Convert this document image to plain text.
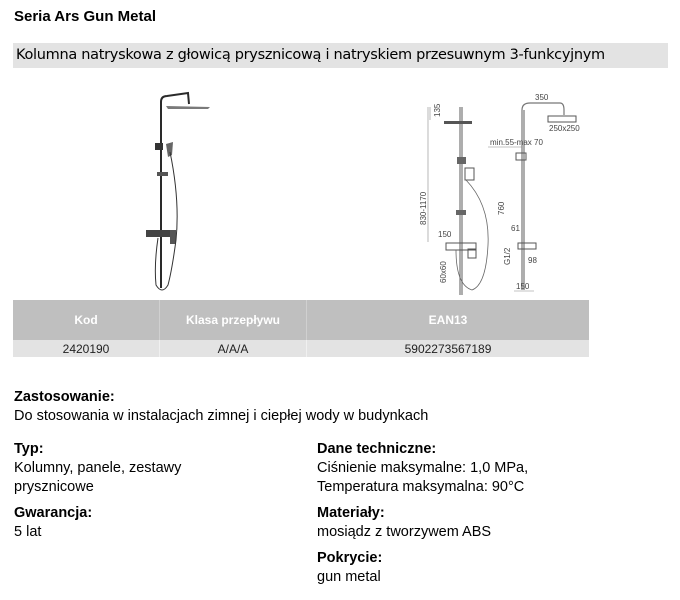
Seria Ars Gun Metal
Kolumna natryskowa z głowicą prysznicową i natryskiem przesuwnym 3-funkcyjnym
135
830-1170
150
60x60
350
250x250
min.55-max 70
760
61
G1/2 98
150
Kod	Klasa przepływu	EAN13
2420190	A/A/A	5902273567189
Zastosowanie:
Do stosowania w instalacjach zimnej i ciepłej wody w budynkach
Typ:
Kolumny, panele, zestawy
prysznicowe
Gwarancja:
5 lat
Dane techniczne:
Ciśnienie maksymalne: 1,0 MPa,
Temperatura maksymalna: 90°C
Materiały:
mosiądz z tworzywem ABS
Pokrycie:
gun metal
